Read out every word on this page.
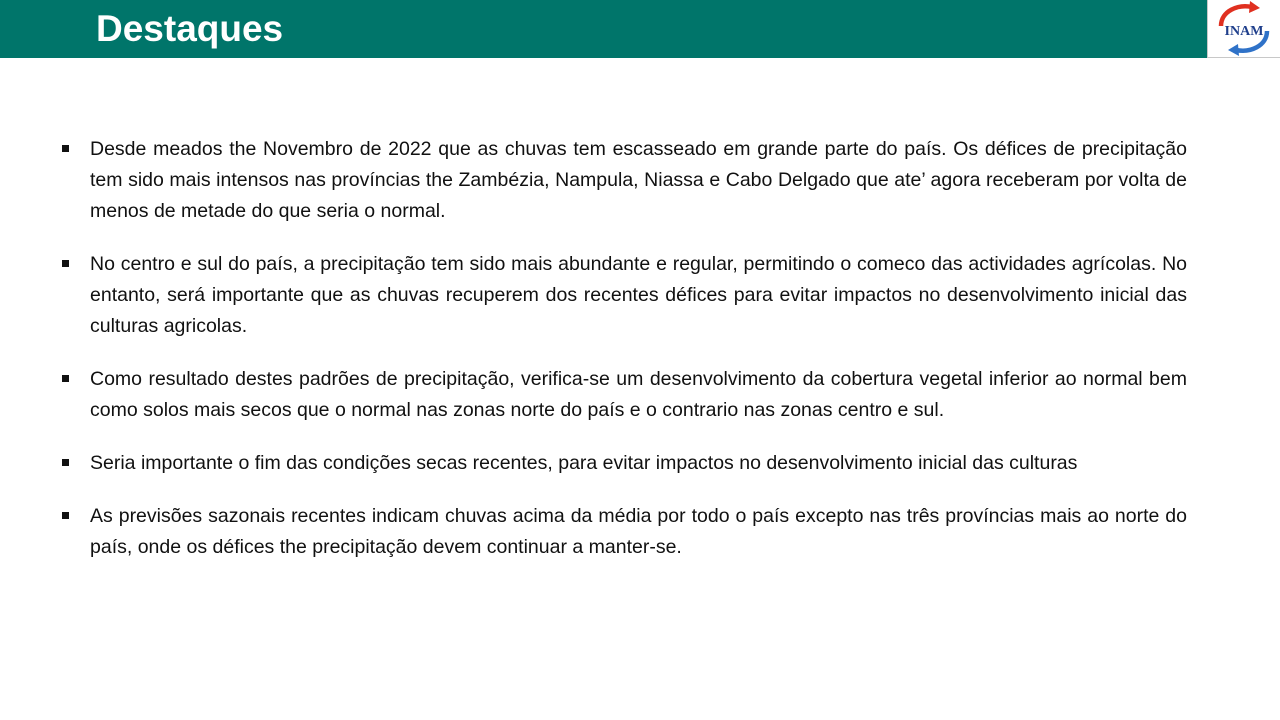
Destaques	INAM
Desde meados the Novembro de 2022 que as chuvas tem escasseado em grande parte do país. Os défices de precipitação tem sido mais intensos nas províncias the Zambézia, Nampula, Niassa e Cabo Delgado que ate’ agora receberam por volta de menos de metade do que seria o normal.
No centro e sul do país, a precipitação tem sido mais abundante e regular, permitindo o comeco das actividades agrícolas. No entanto, será importante que as chuvas recuperem dos recentes défices para evitar impactos no desenvolvimento inicial das culturas agricolas.
Como resultado destes padrões de precipitação, verifica-se um desenvolvimento da cobertura vegetal inferior ao normal bem como solos mais secos que o normal nas zonas norte do país e o contrario nas zonas centro e sul.
Seria importante o fim das condições secas recentes, para evitar impactos no desenvolvimento inicial das culturas
As previsões sazonais recentes indicam chuvas acima da média por todo o país excepto nas três províncias mais ao norte do país, onde os défices the precipitação devem continuar a manter-se.
